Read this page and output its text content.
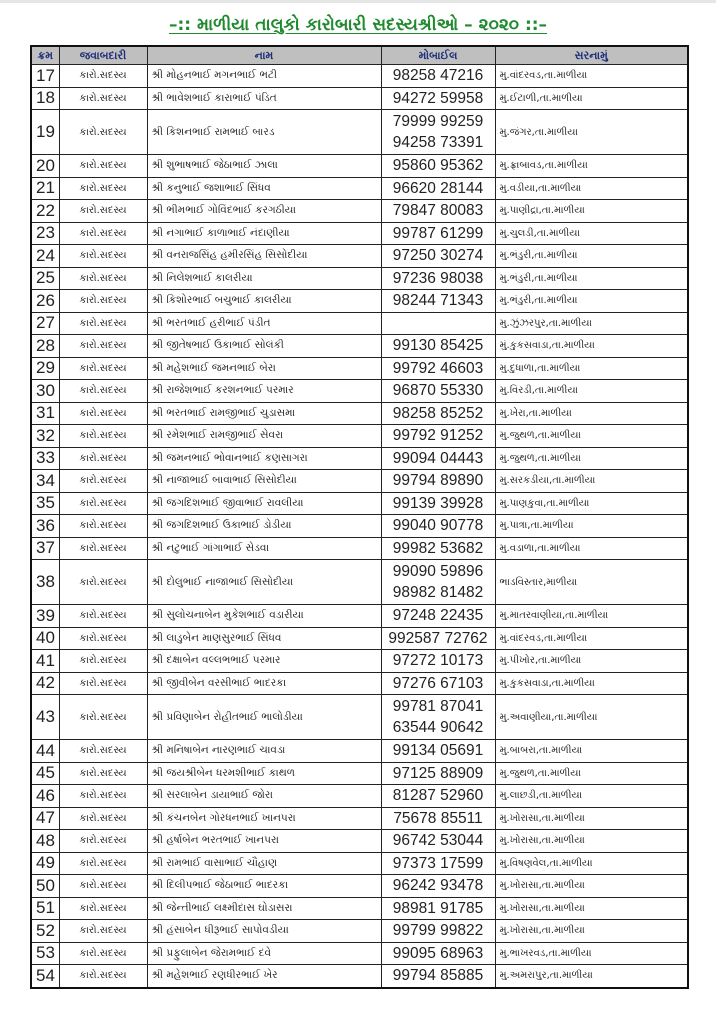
–:: માળીયા તાલુકો કારોબારી સદસ્યશ્રીઓ – ૨૦૨૦ ::–
ક્રમ	જવાબદારી	નામ	મોબાઈલ	સરનામું
17	કારો.સદસ્ય	શ્રી મોહનભાઈ મગનભાઈ ભટી	98258 47216	મુ.વાંદરવડ,તા.માળીયા
18	કારો.સદસ્ય	શ્રી ભાવેશભાઈ કારાભાઈ પંડિત	94272 59958	મુ.ઈટાળી,તા.માળીયા
19	કારો.સદસ્ય	શ્રી કિશનભાઈ રામભાઈ બારડ	79999 99259
94258 73391	મુ.જંગર,તા.માળીયા
20	કારો.સદસ્ય	શ્રી શુભાષભાઈ જેઠાભાઈ ઝાલા	95860 95362	મુ.ફ્રાબાવડ,તા.માળીયા
21	કારો.સદસ્ય	શ્રી કનુભાઈ જશાભાઈ સિંધવ	96620 28144	મુ.વડીયા,તા.માળીયા
22	કારો.સદસ્ય	શ્રી ભીમભાઈ ગોવિંદભાઈ કરગઠીયા	79847 80083	મુ.પાણીદ્રા,તા.માળીયા
23	કારો.સદસ્ય	શ્રી નગાભાઈ કાળાભાઈ નંદાણીયા	99787 61299	મુ.ચુલડી,તા.માળીયા
24	કારો.સદસ્ય	શ્રી વનરાજસિંહ હમીરસિંહ સિસોદીયા	97250 30274	મુ.ભંડુરી,તા.માળીયા
25	કારો.સદસ્ય	શ્રી નિલેશભાઈ કાલરીયા	97236 98038	મુ.ભંડુરી,તા.માળીયા
26	કારો.સદસ્ય	શ્રી કિશોરભાઈ બચુભાઈ કાલરીયા	98244 71343	મુ.ભંડુરી,તા.માળીયા
27	કારો.સદસ્ય	શ્રી ભરતભાઈ હરીભાઈ પંડીત		મુ.ઝુંઝરપુર,તા.માળીયા
28	કારો.સદસ્ય	શ્રી જીતેષભાઈ ઉકાભાઈ સોલંકી	99130 85425	મું.કુકસવાડા,તા.માળીયા
29	કારો.સદસ્ય	શ્રી મહેશભાઈ જમનભાઈ બેરા	99792 46603	મુ.દુધાળા,તા.માળીયા
30	કારો.સદસ્ય	શ્રી રાજેશભાઈ કરશનભાઈ પરમાર	96870 55330	મુ.વિરડી,તા.માળીયા
31	કારો.સદસ્ય	શ્રી ભરતભાઈ રામજીભાઈ ચુડાસમા	98258 85252	મુ.ખેરા,તા.માળીયા
32	કારો.સદસ્ય	શ્રી રમેશભાઈ રામજીભાઈ સેવરા	99792 91252	મુ.જુથળ,તા.માળીયા
33	કારો.સદસ્ય	શ્રી જમનભાઈ ભોવાનભાઈ કણસાગરા	99094 04443	મુ.જુથળ,તા.માળીયા
34	કારો.સદસ્ય	શ્રી નાજાભાઈ બાવાભાઈ સિસોદીયા	99794 89890	મુ.સરકડીયા,તા.માળીયા
35	કારો.સદસ્ય	શ્રી જગદિશભાઈ જીવાભાઈ રાવલીયા	99139 39928	મુ.પાણકુવા,તા.માળીયા
36	કારો.સદસ્ય	શ્રી જગદિશભાઈ ઉકાભાઈ ડોડીયા	99040 90778	મુ.પાત્રા,તા.માળીયા
37	કારો.સદસ્ય	શ્રી નટુભાઈ ગાંગાભાઈ સેડવા	99982 53682	મુ.વડાળા,તા.માળીયા
38	કારો.સદસ્ય	શ્રી દોલુભાઈ નાજાભાઈ સિસોદીયા	99090 59896
98982 81482	ભાડવિસ્તાર,માળીયા
39	કારો.સદસ્ય	શ્રી સુલોચનાબેન મુકેશભાઈ વડારીયા	97248 22435	મુ.માતરવાણીયા,તા.માળીયા
40	કારો.સદસ્ય	શ્રી લાડુબેન માણસુરભાઈ સિંધવ	992587 72762	મુ.વાંદરવડ,તા.માળીયા
41	કારો.સદસ્ય	શ્રી દક્ષાબેન વલ્લભભાઈ પરમાર	97272 10173	મુ.પીખોર,તા.માળીયા
42	કારો.સદસ્ય	શ્રી જીવીબેન વરસીભાઈ ભાદરકા	97276 67103	મુ.કુકસવાડા,તા.માળીયા
43	કારો.સદસ્ય	શ્રી પ્રવિણાબેન રોહીતભાઈ ભાલોડીયા	99781 87041
63544 90642	મુ.અવાણીયા,તા.માળીયા
44	કારો.સદસ્ય	શ્રી મનિષાબેન નારણભાઈ ચાવડા	99134 05691	મુ.બાબરા,તા.માળીયા
45	કારો.સદસ્ય	શ્રી જયશ્રીબેન ધરમશીભાઈ કાથળ	97125 88909	મુ.જુથળ,તા.માળીયા
46	કારો.સદસ્ય	શ્રી સરલાબેન ડાયાભાઈ જોરા	81287 52960	મુ.લાછડી,તા.માળીયા
47	કારો.સદસ્ય	શ્રી કંચનબેન ગોરધનભાઈ ખાનપરા	75678 85511	મુ.ખોરાસા,તા.માળીયા
48	કારો.સદસ્ય	શ્રી હર્ષાબેન ભરતભાઈ ખાનપરા	96742 53044	મુ.ખોરાસા,તા.માળીયા
49	કારો.સદસ્ય	શ્રી રામભાઈ વાસાભાઈ ચૌહાણ	97373 17599	મુ.વિષણવેલ,તા.માળીયા
50	કારો.સદસ્ય	શ્રી દિલીપભાઈ જેઠાભાઈ ભાદરકા	96242 93478	મુ.ખોરાસા,તા.માળીયા
51	કારો.સદસ્ય	શ્રી જેન્તીભાઈ લક્ષ્મીદાસ ઘોડાસરા	98981 91785	મુ.ખોરાસા,તા.માળીયા
52	કારો.સદસ્ય	શ્રી હંસાબેન ધીરૂભાઈ સાપોવડીયા	99799 99822	મુ.ખોરાસા,તા.માળીયા
53	કારો.સદસ્ય	શ્રી પ્રફુલાબેન જેરામભાઈ દવે	99095 68963	મુ.ભાખરવડ,તા.માળીયા
54	કારો.સદસ્ય	શ્રી મહેશભાઈ રણધીરભાઈ ખેર	99794 85885	મુ.અમરાપુર,તા.માળીયા
